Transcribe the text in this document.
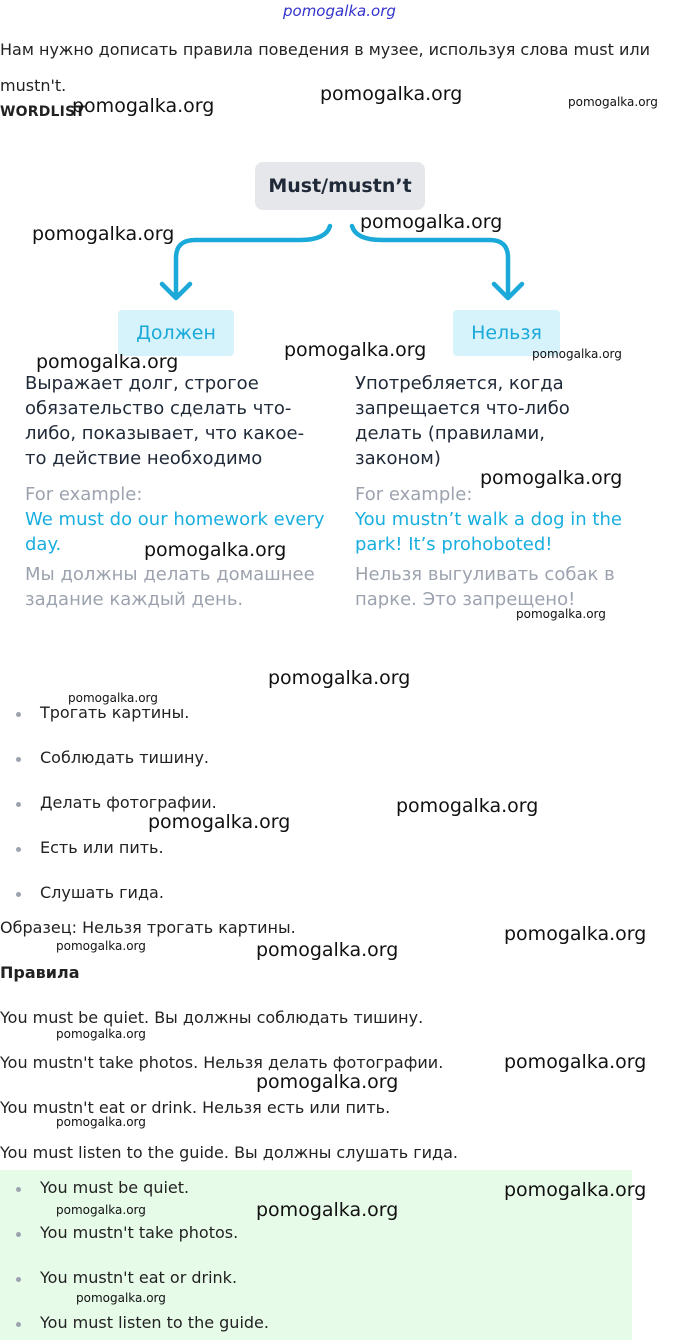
Нам нужно дописать правила поведения в музее, используя слова must или mustn't.
WORDLIST
Must/mustn’t
Должен	Нельзя
Выражает долг, строгое обязательство сделать что-либо, показывает, что какое-то действие необходимо
Употребляется, когда запрещается что-либо делать (правилами, законом)
For example:	For example:
We must do our homework every day.
You mustn’t walk a dog in the park! It’s prohoboted!
Мы должны делать домашнее задание каждый день.
Нельзя выгуливать собак в парке. Это запрещено!
Трогать картины.
Соблюдать тишину.
Делать фотографии.
Есть или пить.
Слушать гида.
Образец: Нельзя трогать картины.
Правила
You must be quiet. Вы должны соблюдать тишину.
You mustn't take photos. Нельзя делать фотографии.
You mustn't eat or drink. Нельзя есть или пить.
You must listen to the guide. Вы должны слушать гида.
You must be quiet.
You mustn't take photos.
You mustn't eat or drink.
You must listen to the guide.
pomogalka.org
pomogalka.org
pomogalka.org	pomogalka.org
pomogalka.org
pomogalka.org
pomogalka.org
pomogalka.org	pomogalka.org
pomogalka.org
pomogalka.org
pomogalka.org
pomogalka.org
pomogalka.org
pomogalka.org
pomogalka.org
pomogalka.org
pomogalka.org	pomogalka.org
pomogalka.org
pomogalka.org
pomogalka.org
pomogalka.org
pomogalka.org
pomogalka.org	pomogalka.org
pomogalka.org
